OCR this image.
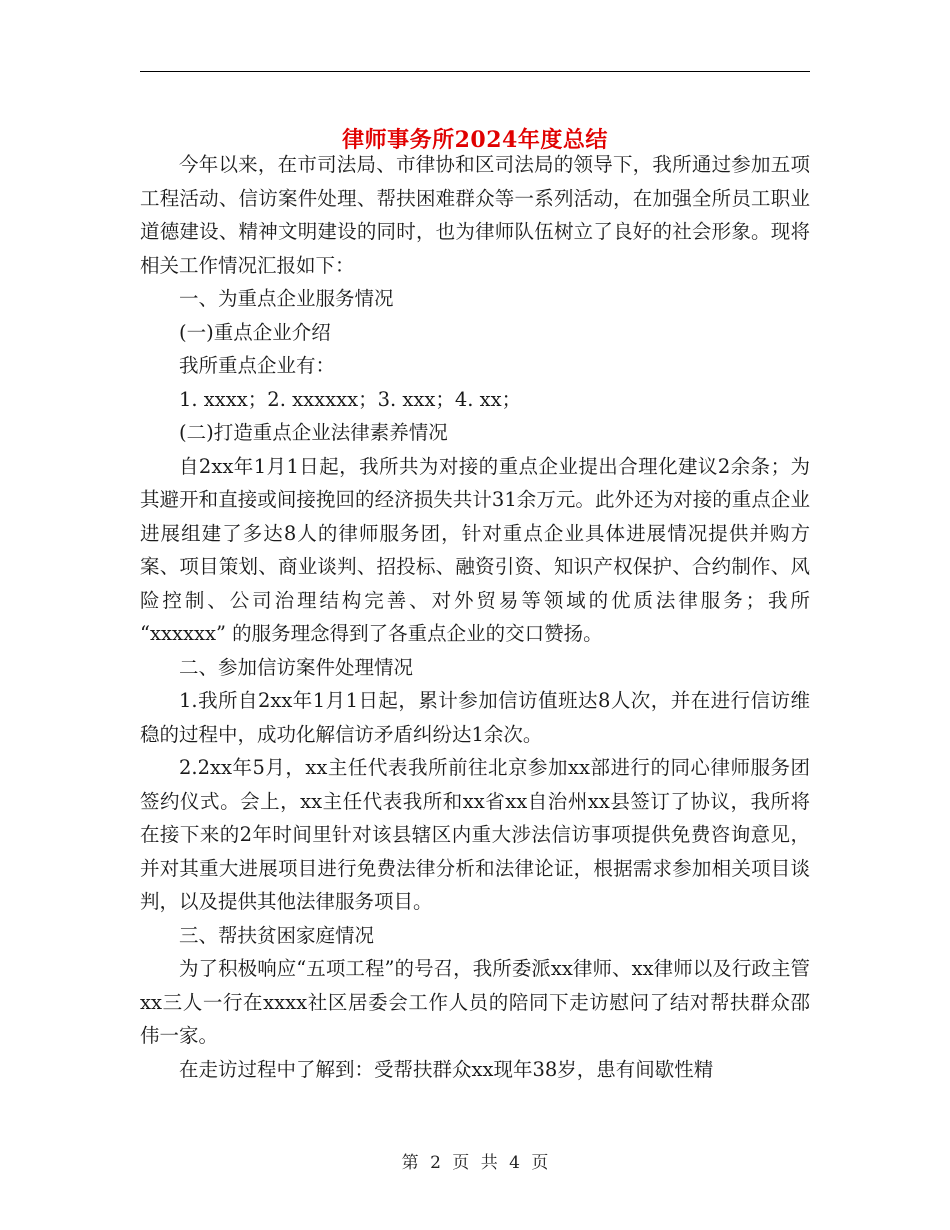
律师事务所2024年度总结

今年以来，在市司法局、市律协和区司法局的领导下，我所通过参加五项工程活动、信访案件处理、帮扶困难群众等一系列活动，在加强全所员工职业道德建设、精神文明建设的同时，也为律师队伍树立了良好的社会形象。现将相关工作情况汇报如下：

一、为重点企业服务情况

(一)重点企业介绍

我所重点企业有：

1. xxxx；2. xxxxxx；3. xxx；4. xx；

(二)打造重点企业法律素养情况

自2xx年1月1日起，我所共为对接的重点企业提出合理化建议2余条；为其避开和直接或间接挽回的经济损失共计31余万元。此外还为对接的重点企业进展组建了多达8人的律师服务团，针对重点企业具体进展情况提供并购方案、项目策划、商业谈判、招投标、融资引资、知识产权保护、合约制作、风险控制、公司治理结构完善、对外贸易等领域的优质法律服务；我所 “xxxxxx” 的服务理念得到了各重点企业的交口赞扬。

二、参加信访案件处理情况

1.我所自2xx年1月1日起，累计参加信访值班达8人次，并在进行信访维稳的过程中，成功化解信访矛盾纠纷达1余次。

2.2xx年5月，xx主任代表我所前往北京参加xx部进行的同心律师服务团签约仪式。会上，xx主任代表我所和xx省xx自治州xx县签订了协议，我所将在接下来的2年时间里针对该县辖区内重大涉法信访事项提供免费咨询意见，并对其重大进展项目进行免费法律分析和法律论证，根据需求参加相关项目谈判，以及提供其他法律服务项目。

三、帮扶贫困家庭情况

为了积极响应“五项工程”的号召，我所委派xx律师、xx律师以及行政主管xx三人一行在xxxx社区居委会工作人员的陪同下走访慰问了结对帮扶群众邵伟一家。

在走访过程中了解到：受帮扶群众xx现年38岁，患有间歇性精

第 2 页 共 4 页
